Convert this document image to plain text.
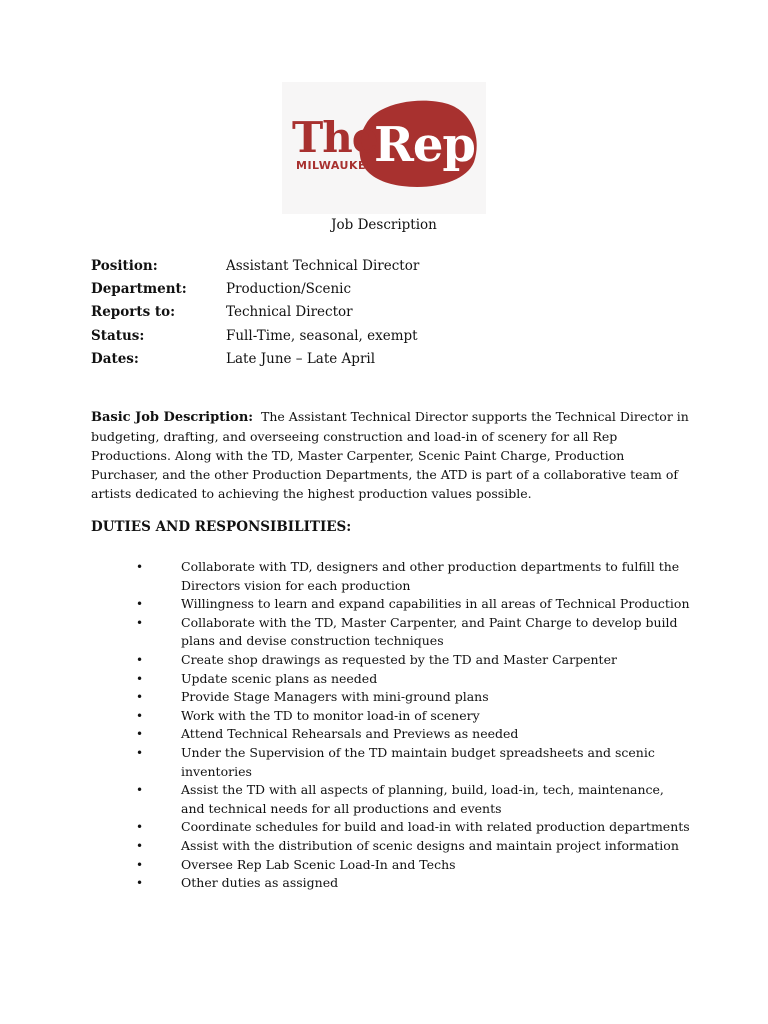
The
Rep
MILWAUKEE
Job Description
Position:	Assistant Technical Director
Department:	Production/Scenic
Reports to:	Technical Director
Status:	Full-Time, seasonal, exempt
Dates:	Late June – Late April
Basic Job Description: The Assistant Technical Director supports the Technical Director in budgeting, drafting, and overseeing construction and load-in of scenery for all Rep Productions. Along with the TD, Master Carpenter, Scenic Paint Charge, Production Purchaser, and the other Production Departments, the ATD is part of a collaborative team of artists dedicated to achieving the highest production values possible.
DUTIES AND RESPONSIBILITIES:
•	Collaborate with TD, designers and other production departments to fulfill the Directors vision for each production
•	Willingness to learn and expand capabilities in all areas of Technical Production
•	Collaborate with the TD, Master Carpenter, and Paint Charge to develop build plans and devise construction techniques
•	Create shop drawings as requested by the TD and Master Carpenter
•	Update scenic plans as needed
•	Provide Stage Managers with mini-ground plans
•	Work with the TD to monitor load-in of scenery
•	Attend Technical Rehearsals and Previews as needed
•	Under the Supervision of the TD maintain budget spreadsheets and scenic inventories
•	Assist the TD with all aspects of planning, build, load-in, tech, maintenance, and technical needs for all productions and events
•	Coordinate schedules for build and load-in with related production departments
•	Assist with the distribution of scenic designs and maintain project information
•	Oversee Rep Lab Scenic Load-In and Techs
•	Other duties as assigned
